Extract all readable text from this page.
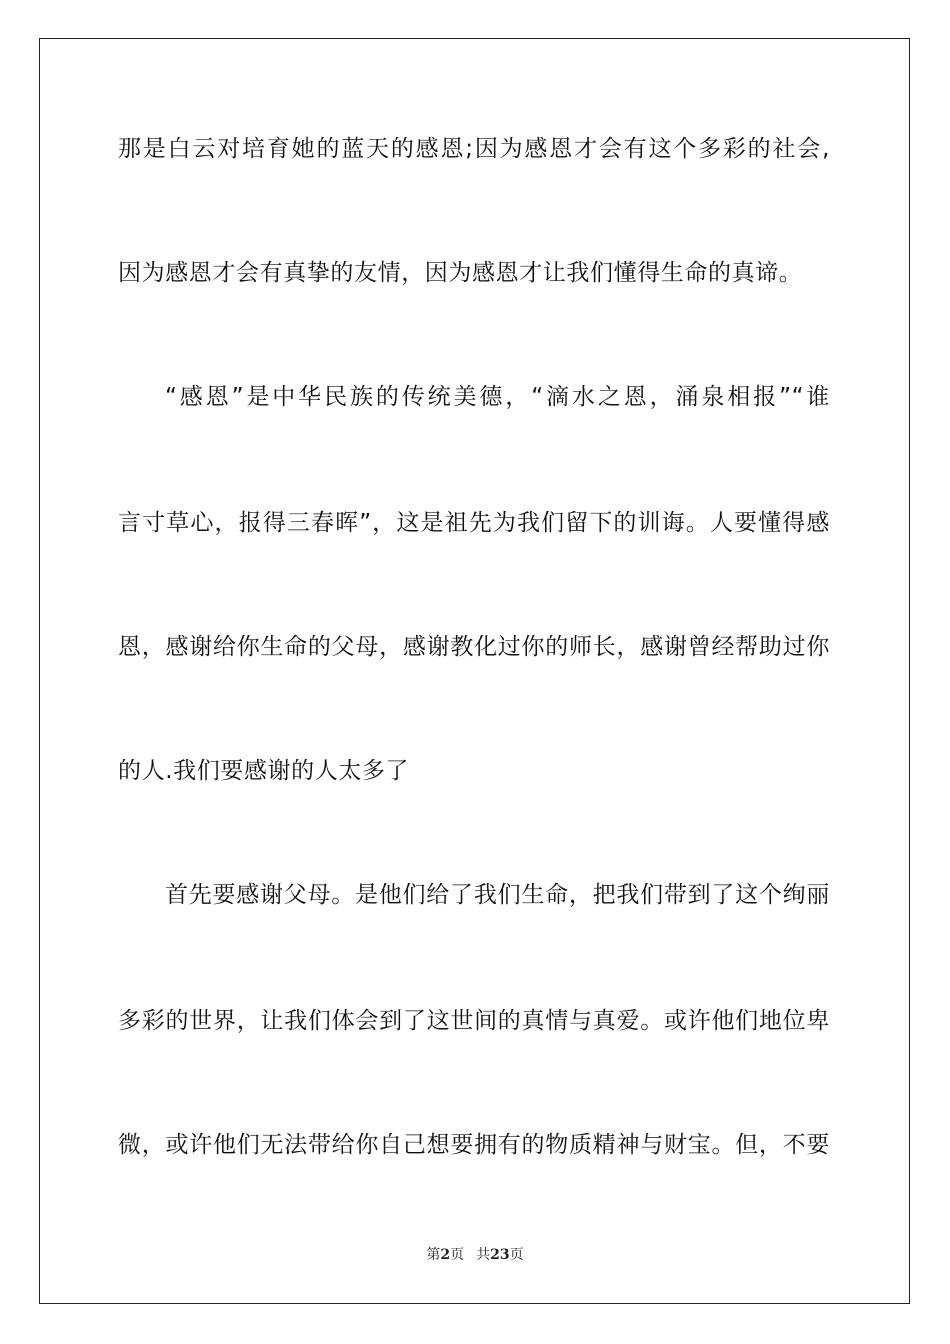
那是白云对培育她的蓝天的感恩;因为感恩才会有这个多彩的社会,
因为感恩才会有真挚的友情，因为感恩才让我们懂得生命的真谛。
“感恩”是中华民族的传统美德，“滴水之恩，涌泉相报”“谁
言寸草心，报得三春晖”，这是祖先为我们留下的训诲。人要懂得感
恩，感谢给你生命的父母，感谢教化过你的师长，感谢曾经帮助过你
的人.我们要感谢的人太多了
首先要感谢父母。是他们给了我们生命，把我们带到了这个绚丽
多彩的世界，让我们体会到了这世间的真情与真爱。或许他们地位卑
微，或许他们无法带给你自己想要拥有的物质精神与财宝。但，不要
第2页 共23页
